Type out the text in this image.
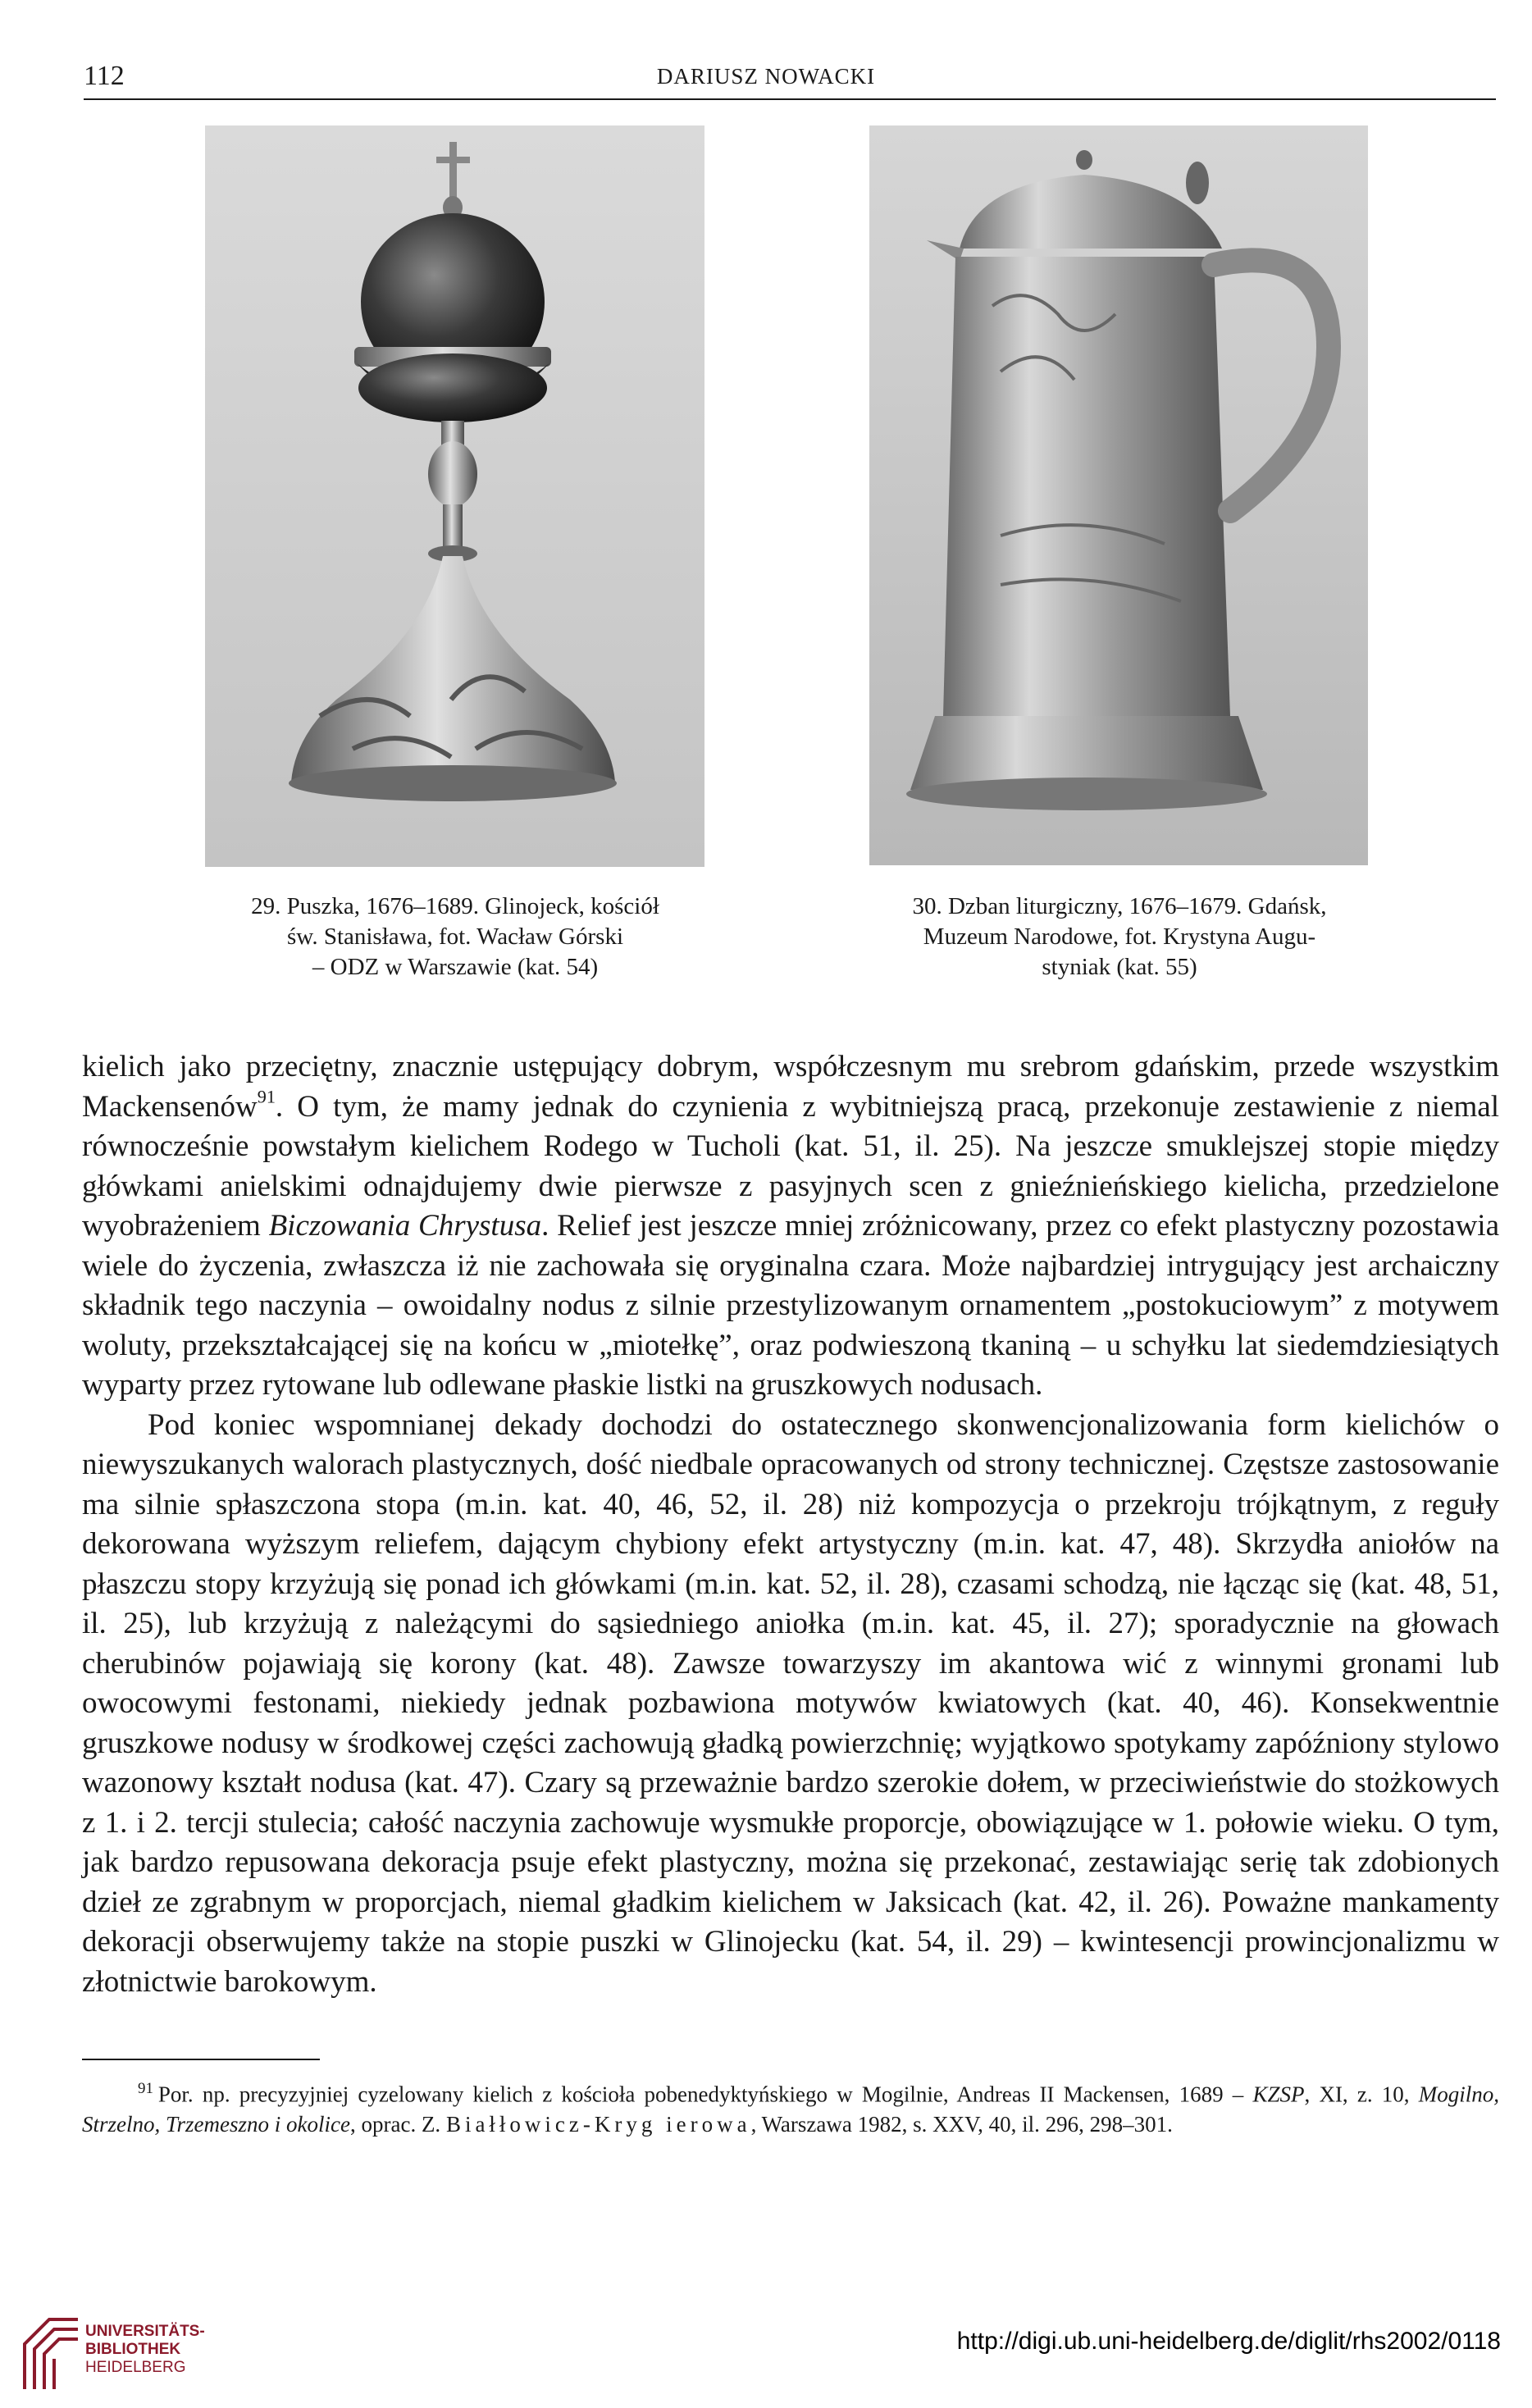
112	DARIUSZ NOWACKI
29. Puszka, 1676–1689. Glinojeck, kościół
św. Stanisława, fot. Wacław Górski
– ODZ w Warszawie (kat. 54)
30. Dzban liturgiczny, 1676–1679. Gdańsk,
Muzeum Narodowe, fot. Krystyna Augu-
styniak (kat. 55)

kielich jako przeciętny, znacznie ustępujący dobrym, współczesnym mu srebrom gdańskim, przede wszystkim Mackensenów$^{91}$. O tym, że mamy jednak do czynienia z wybitniejszą pracą, przekonuje zestawienie z niemal równocześnie powstałym kielichem Rodego w Tucholi (kat. 51, il. 25). Na jeszcze smuklejszej stopie między główkami anielskimi odnajdujemy dwie pierwsze z pasyjnych scen z gnieźnieńskiego kielicha, przedzielone wyobrażeniem Biczowania Chrystusa. Relief jest jeszcze mniej zróżnicowany, przez co efekt plastyczny pozostawia wiele do życzenia, zwłaszcza iż nie zachowała się oryginalna czara. Może najbardziej intrygujący jest archaiczny składnik tego naczynia – owoidalny nodus z silnie przestylizowanym ornamentem „postokuciowym” z motywem woluty, przekształcającej się na końcu w „miotełkę”, oraz podwieszoną tkaniną – u schyłku lat siedemdziesiątych wyparty przez rytowane lub odlewane płaskie listki na gruszkowych nodusach.

Pod koniec wspomnianej dekady dochodzi do ostatecznego skonwencjonalizowania form kielichów o niewyszukanych walorach plastycznych, dość niedbale opracowanych od strony technicznej. Częstsze zastosowanie ma silnie spłaszczona stopa (m.in. kat. 40, 46, 52, il. 28) niż kompozycja o przekroju trójkątnym, z reguły dekorowana wyższym reliefem, dającym chybiony efekt artystyczny (m.in. kat. 47, 48). Skrzydła aniołów na płaszczu stopy krzyżują się ponad ich główkami (m.in. kat. 52, il. 28), czasami schodzą, nie łącząc się (kat. 48, 51, il. 25), lub krzyżują z należącymi do sąsiedniego aniołka (m.in. kat. 45, il. 27); sporadycznie na głowach cherubinów pojawiają się korony (kat. 48). Zawsze towarzyszy im akantowa wić z winnymi gronami lub owocowymi festonami, niekiedy jednak pozbawiona motywów kwiatowych (kat. 40, 46). Konsekwentnie gruszkowe nodusy w środkowej części zachowują gładką powierzchnię; wyjątkowo spotykamy zapóźniony stylowo wazonowy kształt nodusa (kat. 47). Czary są przeważnie bardzo szerokie dołem, w przeciwieństwie do stożkowych z 1. i 2. tercji stulecia; całość naczynia zachowuje wysmukłe proporcje, obowiązujące w 1. połowie wieku. O tym, jak bardzo repusowana dekoracja psuje efekt plastyczny, można się przekonać, zestawiając serię tak zdobionych dzieł ze zgrabnym w proporcjach, niemal gładkim kielichem w Jaksicach (kat. 42, il. 26). Poważne mankamenty dekoracji obserwujemy także na stopie puszki w Glinojecku (kat. 54, il. 29) – kwintesencji prowincjonalizmu w złotnictwie barokowym.

$^{91}$ Por. np. precyzyjniej cyzelowany kielich z kościoła pobenedyktyńskiego w Mogilnie, Andreas II Mackensen, 1689 – KZSP, XI, z. 10, Mogilno, Strzelno, Trzemeszno i okolice, oprac. Z. Białłowicz-Kryg ierowa, Warszawa 1982, s. XXV, 40, il. 296, 298–301.
UNIVERSITÄTS-
BIBLIOTHEK
HEIDELBERG
http://digi.ub.uni-heidelberg.de/diglit/rhs2002/0118
